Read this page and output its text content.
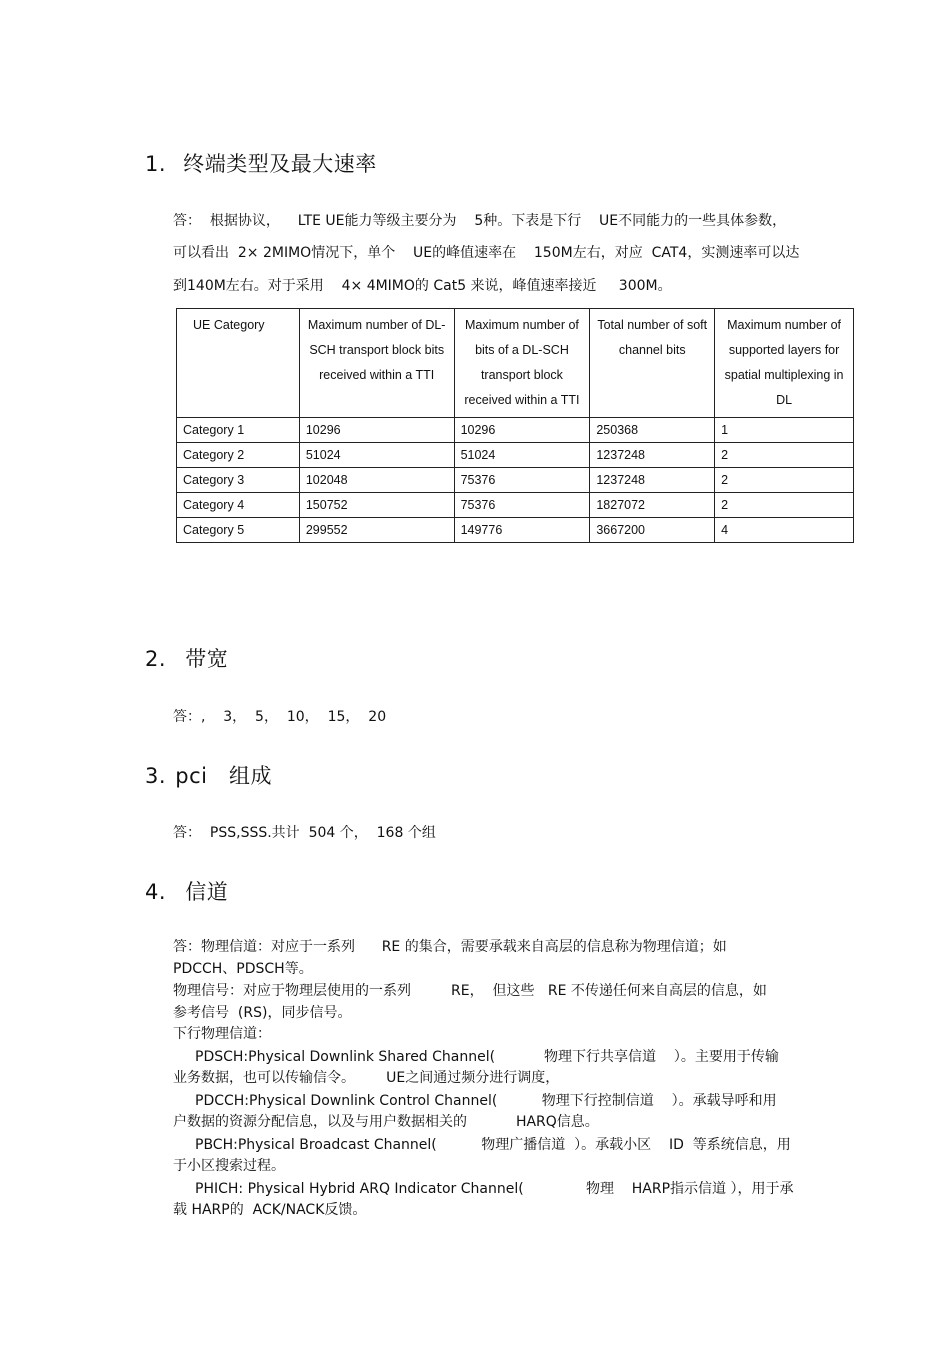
1. 终端类型及最大速率

答：  根据协议，    LTE UE能力等级主要分为    5种。下表是下行    UE不同能力的一些具体参数，

可以看出  2× 2MIMO情况下，单个    UE的峰值速率在    150M左右，对应  CAT4，实测速率可以达

到140M左右。对于采用    4× 4MIMO的 Cat5 来说，峰值速率接近     300M。

UE Category	Maximum number of DL-SCH transport block bits received within a TTI	Maximum number of bits of a DL-SCH transport block received within a TTI	Total number of soft channel bits	Maximum number of supported layers for spatial multiplexing in DL
Category 1	10296	10296	250368	1
Category 2	51024	51024	1237248	2
Category 3	102048	75376	1237248	2
Category 4	150752	75376	1827072	2
Category 5	299552	149776	3667200	4
2. 带宽

答：,    3，  5，  10，  15，  20

3. pci　组成

答：  PSS,SSS.共计  504 个，  168 个组

4. 信道

答：物理信道：对应于一系列      RE 的集合，需要承载来自高层的信息称为物理信道；如

PDCCH、PDSCH等。

物理信号：对应于物理层使用的一系列         RE，  但这些   RE 不传递任何来自高层的信息，如

参考信号  (RS)，同步信号。

下行物理信道：

PDSCH:Physical Downlink Shared Channel(           物理下行共享信道    ）。主要用于传输

业务数据，也可以传输信令。       UE之间通过频分进行调度，

PDCCH:Physical Downlink Control Channel(          物理下行控制信道    ）。承载导呼和用

户数据的资源分配信息，以及与用户数据相关的           HARQ信息。

PBCH:Physical Broadcast Channel(          物理广播信道  ）。承载小区    ID  等系统信息，用

于小区搜索过程。

PHICH: Physical Hybrid ARQ Indicator Channel(              物理    HARP指示信道 ），用于承

载 HARP的  ACK/NACK反馈。
